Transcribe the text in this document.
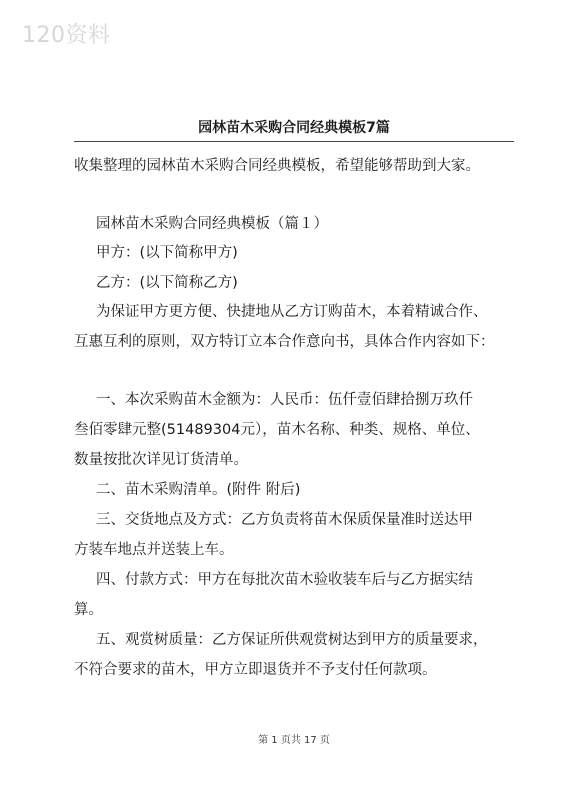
120资料
园林苗木采购合同经典模板7篇
收集整理的园林苗木采购合同经典模板，希望能够帮助到大家。
园林苗木采购合同经典模板（篇１）
甲方：(以下简称甲方)
乙方：(以下简称乙方)
为保证甲方更方便、快捷地从乙方订购苗木，本着精诚合作、
互惠互利的原则，双方特订立本合作意向书，具体合作内容如下：
一、本次采购苗木金额为：人民币：伍仟壹佰肆拾捌万玖仟
叁佰零肆元整(51489304元），苗木名称、种类、规格、单位、
数量按批次详见订货清单。
二、苗木采购清单。(附件 附后)
三、交货地点及方式：乙方负责将苗木保质保量准时送达甲
方装车地点并送装上车。
四、付款方式：甲方在每批次苗木验收装车后与乙方据实结
算。
五、观赏树质量：乙方保证所供观赏树达到甲方的质量要求，
不符合要求的苗木，甲方立即退货并不予支付任何款项。
第 1 页共 17 页
